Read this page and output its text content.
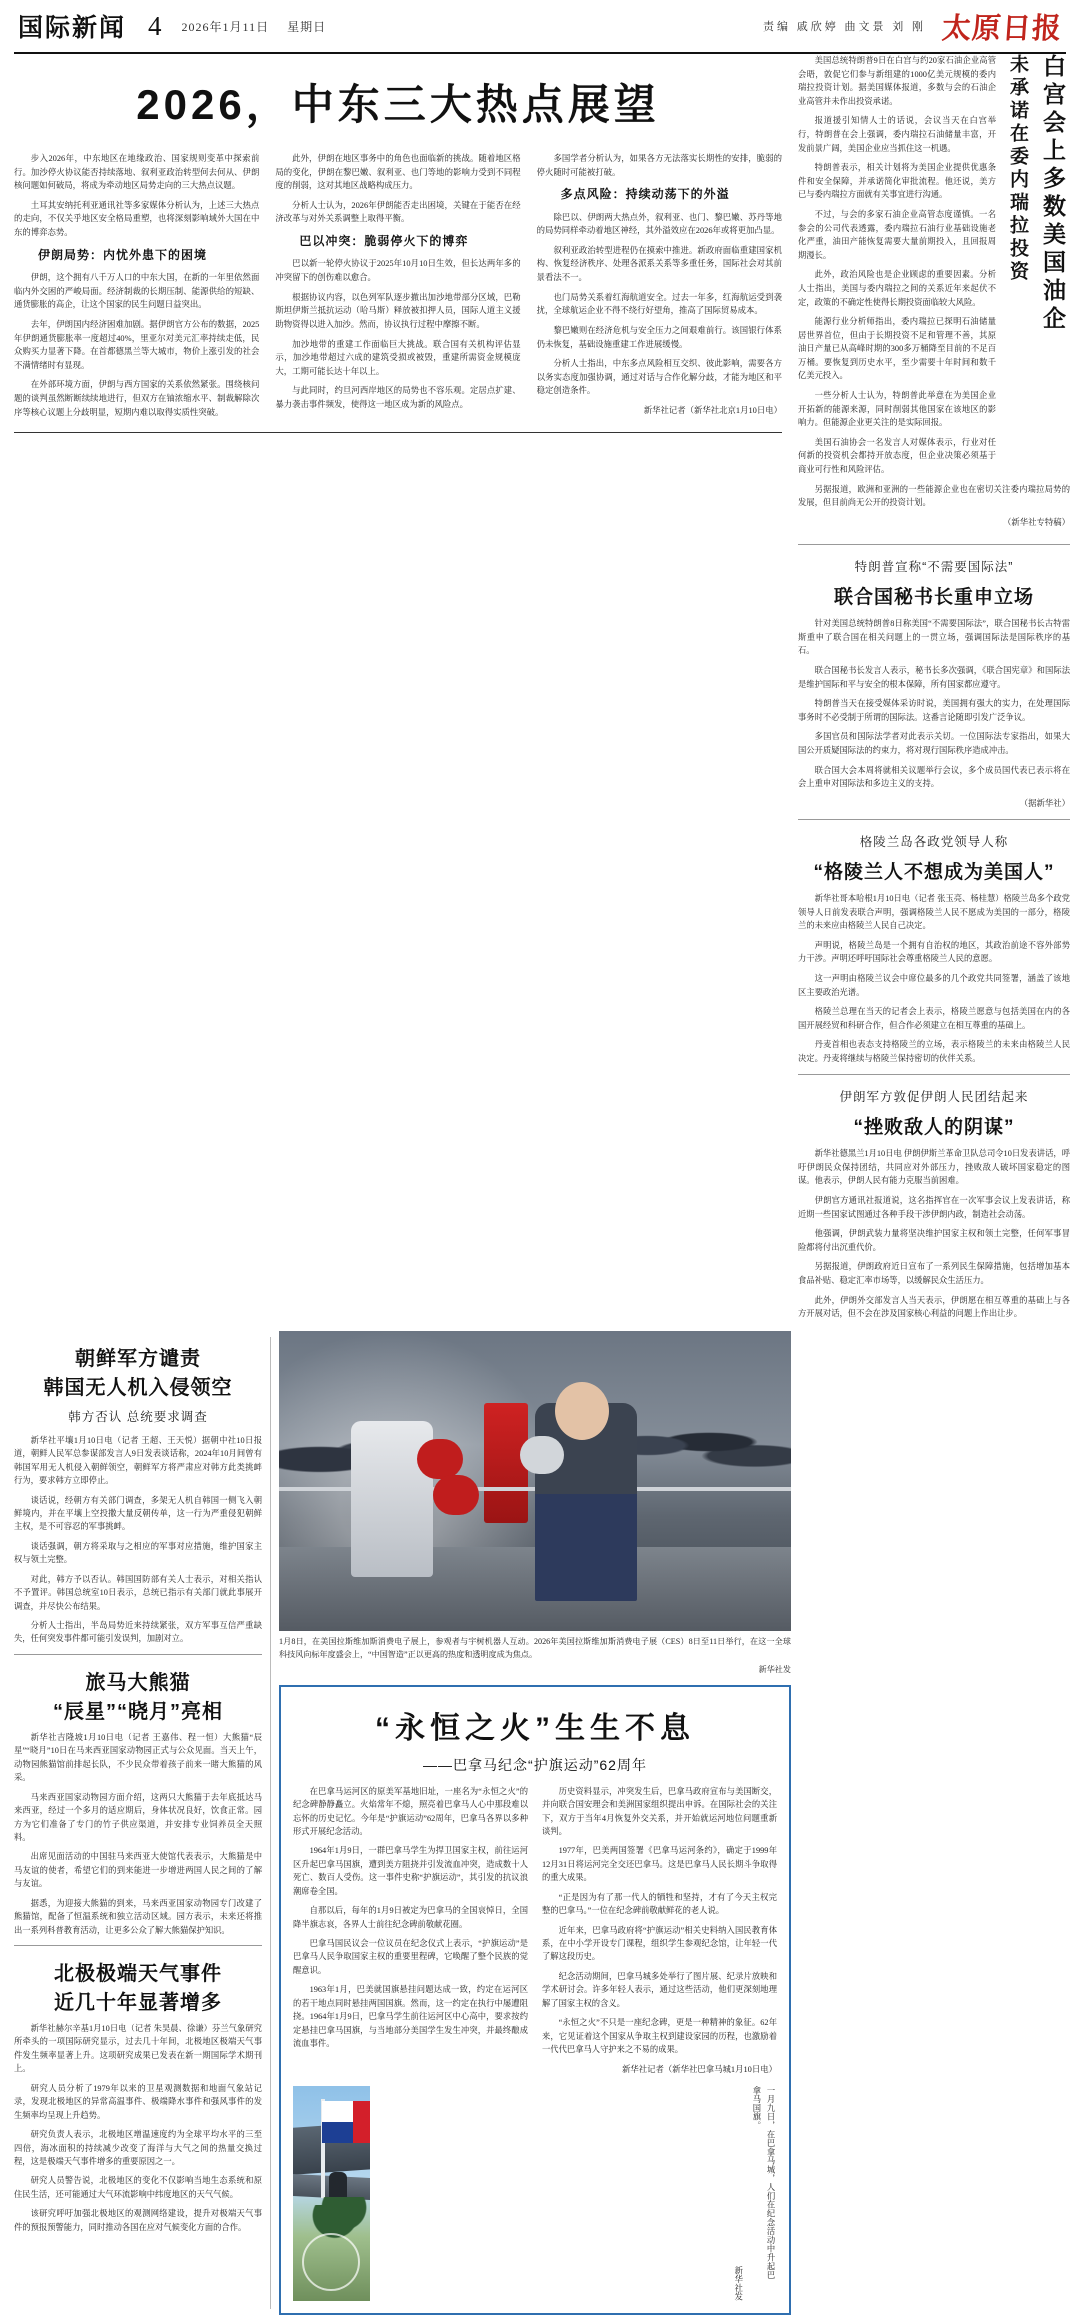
国际新闻 4 2026年1月11日 星期日	责编 戚欣婷 曲文景 刘 刚 太原日报
2026，中东三大热点展望

步入2026年，中东地区在地缘政治、国家规则变革中探索前行。加沙停火协议能否持续落地、叙利亚政治转型何去何从、伊朗核问题如何破局，将成为牵动地区局势走向的三大热点议题。

土耳其安纳托利亚通讯社等多家媒体分析认为，上述三大热点的走向，不仅关乎地区安全格局重塑，也将深刻影响域外大国在中东的博弈态势。

伊朗局势：内忧外患下的困境

伊朗，这个拥有八千万人口的中东大国，在新的一年里依然面临内外交困的严峻局面。经济制裁的长期压制、能源供给的短缺、通货膨胀的高企，让这个国家的民生问题日益突出。

去年，伊朗国内经济困难加剧。据伊朗官方公布的数据，2025年伊朗通货膨胀率一度超过40%，里亚尔对美元汇率持续走低，民众购买力显著下降。在首都德黑兰等大城市，物价上涨引发的社会不满情绪时有显现。

在外部环境方面，伊朗与西方国家的关系依然紧张。围绕核问题的谈判虽然断断续续地进行，但双方在铀浓缩水平、制裁解除次序等核心议题上分歧明显，短期内难以取得实质性突破。

此外，伊朗在地区事务中的角色也面临新的挑战。随着地区格局的变化，伊朗在黎巴嫩、叙利亚、也门等地的影响力受到不同程度的削弱，这对其地区战略构成压力。

分析人士认为，2026年伊朗能否走出困境，关键在于能否在经济改革与对外关系调整上取得平衡。

巴以冲突：脆弱停火下的博弈

巴以新一轮停火协议于2025年10月10日生效，但长达两年多的冲突留下的创伤难以愈合。

根据协议内容，以色列军队逐步撤出加沙地带部分区域，巴勒斯坦伊斯兰抵抗运动（哈马斯）释放被扣押人员，国际人道主义援助物资得以进入加沙。然而，协议执行过程中摩擦不断。

加沙地带的重建工作面临巨大挑战。联合国有关机构评估显示，加沙地带超过六成的建筑受损或被毁，重建所需资金规模庞大，工期可能长达十年以上。

与此同时，约旦河西岸地区的局势也不容乐观。定居点扩建、暴力袭击事件频发，使得这一地区成为新的风险点。

多国学者分析认为，如果各方无法落实长期性的安排，脆弱的停火随时可能被打破。

多点风险：持续动荡下的外溢

除巴以、伊朗两大热点外，叙利亚、也门、黎巴嫩、苏丹等地的局势同样牵动着地区神经，其外溢效应在2026年或将更加凸显。

叙利亚政治转型进程仍在摸索中推进。新政府面临重建国家机构、恢复经济秩序、处理各派系关系等多重任务，国际社会对其前景看法不一。

也门局势关系着红海航道安全。过去一年多，红海航运受到袭扰，全球航运企业不得不绕行好望角，推高了国际贸易成本。

黎巴嫩则在经济危机与安全压力之间艰难前行。该国银行体系仍未恢复，基础设施重建工作进展缓慢。

分析人士指出，中东多点风险相互交织、彼此影响，需要各方以务实态度加强协调，通过对话与合作化解分歧，才能为地区和平稳定创造条件。

新华社记者（新华社北京1月10日电）

白宫会上多数美国油企
未承诺在委内瑞拉投资

美国总统特朗普9日在白宫与约20家石油企业高管会晤，敦促它们参与新组建的1000亿美元规模的委内瑞拉投资计划。据美国媒体报道，多数与会的石油企业高管并未作出投资承诺。

报道援引知情人士的话说，会议当天在白宫举行，特朗普在会上强调，委内瑞拉石油储量丰富，开发前景广阔，美国企业应当抓住这一机遇。

特朗普表示，相关计划将为美国企业提供优惠条件和安全保障，并承诺简化审批流程。他还说，美方已与委内瑞拉方面就有关事宜进行沟通。

不过，与会的多家石油企业高管态度谨慎。一名参会的公司代表透露，委内瑞拉石油行业基础设施老化严重，油田产能恢复需要大量前期投入，且回报周期漫长。

此外，政治风险也是企业顾虑的重要因素。分析人士指出，美国与委内瑞拉之间的关系近年来起伏不定，政策的不确定性使得长期投资面临较大风险。

能源行业分析师指出，委内瑞拉已探明石油储量居世界首位，但由于长期投资不足和管理不善，其原油日产量已从高峰时期的300多万桶降至目前的不足百万桶。要恢复到历史水平，至少需要十年时间和数千亿美元投入。

一些分析人士认为，特朗普此举意在为美国企业开拓新的能源来源，同时削弱其他国家在该地区的影响力。但能源企业更关注的是实际回报。

美国石油协会一名发言人对媒体表示，行业对任何新的投资机会都持开放态度，但企业决策必须基于商业可行性和风险评估。

另据报道，欧洲和亚洲的一些能源企业也在密切关注委内瑞拉局势的发展，但目前尚无公开的投资计划。

（新华社专特稿）

特朗普宣称“不需要国际法”
联合国秘书长重申立场

针对美国总统特朗普8日称美国“不需要国际法”，联合国秘书长古特雷斯重申了联合国在相关问题上的一贯立场，强调国际法是国际秩序的基石。

联合国秘书长发言人表示，秘书长多次强调，《联合国宪章》和国际法是维护国际和平与安全的根本保障，所有国家都应遵守。

特朗普当天在接受媒体采访时说，美国拥有强大的实力，在处理国际事务时不必受制于所谓的国际法。这番言论随即引发广泛争议。

多国官员和国际法学者对此表示关切。一位国际法专家指出，如果大国公开质疑国际法的约束力，将对现行国际秩序造成冲击。

联合国大会本周将就相关议题举行会议，多个成员国代表已表示将在会上重申对国际法和多边主义的支持。

（据新华社）

格陵兰岛各政党领导人称
“格陵兰人不想成为美国人”

新华社哥本哈根1月10日电（记者 张玉亮、杨桂慧）格陵兰岛多个政党领导人日前发表联合声明，强调格陵兰人民不愿成为美国的一部分，格陵兰的未来应由格陵兰人民自己决定。

声明说，格陵兰岛是一个拥有自治权的地区，其政治前途不容外部势力干涉。声明还呼吁国际社会尊重格陵兰人民的意愿。

这一声明由格陵兰议会中席位最多的几个政党共同签署，涵盖了该地区主要政治光谱。

格陵兰总理在当天的记者会上表示，格陵兰愿意与包括美国在内的各国开展经贸和科研合作，但合作必须建立在相互尊重的基础上。

丹麦首相也表态支持格陵兰的立场，表示格陵兰的未来由格陵兰人民决定。丹麦将继续与格陵兰保持密切的伙伴关系。

伊朗军方敦促伊朗人民团结起来
“挫败敌人的阴谋”

新华社德黑兰1月10日电 伊朗伊斯兰革命卫队总司令10日发表讲话，呼吁伊朗民众保持团结，共同应对外部压力，挫败敌人破坏国家稳定的图谋。他表示，伊朗人民有能力克服当前困难。

伊朗官方通讯社报道说，这名指挥官在一次军事会议上发表讲话，称近期一些国家试图通过各种手段干涉伊朗内政，制造社会动荡。

他强调，伊朗武装力量将坚决维护国家主权和领土完整，任何军事冒险都将付出沉重代价。

另据报道，伊朗政府近日宣布了一系列民生保障措施，包括增加基本食品补贴、稳定汇率市场等，以缓解民众生活压力。

此外，伊朗外交部发言人当天表示，伊朗愿在相互尊重的基础上与各方开展对话，但不会在涉及国家核心利益的问题上作出让步。

朝鲜军方谴责
韩国无人机入侵领空
韩方否认 总统要求调查

新华社平壤1月10日电（记者 王超、王天悦）据朝中社10日报道，朝鲜人民军总参谋部发言人9日发表谈话称，2024年10月间曾有韩国军用无人机侵入朝鲜领空，朝鲜军方将严肃应对韩方此类挑衅行为，要求韩方立即停止。

谈话说，经朝方有关部门调查，多架无人机自韩国一侧飞入朝鲜境内，并在平壤上空投撒大量反朝传单，这一行为严重侵犯朝鲜主权，是不可容忍的军事挑衅。

谈话强调，朝方将采取与之相应的军事对应措施，维护国家主权与领土完整。

对此，韩方予以否认。韩国国防部有关人士表示，对相关指认不予置评。韩国总统室10日表示，总统已指示有关部门就此事展开调查，并尽快公布结果。

分析人士指出，半岛局势近来持续紧张，双方军事互信严重缺失，任何突发事件都可能引发误判，加剧对立。

旅马大熊猫
“辰星”“晓月”亮相

新华社吉隆坡1月10日电（记者 王嘉伟、程一恒）大熊猫“辰星”“晓月”10日在马来西亚国家动物园正式与公众见面。当天上午，动物园熊猫馆前排起长队，不少民众带着孩子前来一睹大熊猫的风采。

马来西亚国家动物园方面介绍，这两只大熊猫于去年底抵达马来西亚，经过一个多月的适应期后，身体状况良好，饮食正常。园方为它们准备了专门的竹子供应渠道，并安排专业饲养员全天照料。

出席见面活动的中国驻马来西亚大使馆代表表示，大熊猫是中马友谊的使者，希望它们的到来能进一步增进两国人民之间的了解与友谊。

据悉，为迎接大熊猫的到来，马来西亚国家动物园专门改建了熊猫馆，配备了恒温系统和独立活动区域。园方表示，未来还将推出一系列科普教育活动，让更多公众了解大熊猫保护知识。

北极极端天气事件
近几十年显著增多

新华社赫尔辛基1月10日电（记者 朱昊晨、徐谦）芬兰气象研究所牵头的一项国际研究显示，过去几十年间，北极地区极端天气事件发生频率显著上升。这项研究成果已发表在新一期国际学术期刊上。

研究人员分析了1979年以来的卫星观测数据和地面气象站记录，发现北极地区的异常高温事件、极端降水事件和强风事件的发生频率均呈现上升趋势。

研究负责人表示，北极地区增温速度约为全球平均水平的三至四倍，海冰面积的持续减少改变了海洋与大气之间的热量交换过程，这是极端天气事件增多的重要原因之一。

研究人员警告说，北极地区的变化不仅影响当地生态系统和原住民生活，还可能通过大气环流影响中纬度地区的天气气候。

该研究呼吁加强北极地区的观测网络建设，提升对极端天气事件的预报预警能力，同时推动各国在应对气候变化方面的合作。

1月8日，在美国拉斯维加斯消费电子展上，参观者与宇树机器人互动。2026年美国拉斯维加斯消费电子展（CES）8日至11日举行，在这一全球科技风向标年度盛会上，“中国智造”正以更高的热度和透明度成为焦点。
新华社发
“永恒之火”生生不息
——巴拿马纪念“护旗运动”62周年

在巴拿马运河区的原美军基地旧址，一座名为“永恒之火”的纪念碑静静矗立。火焰常年不熄，照亮着巴拿马人心中那段难以忘怀的历史记忆。今年是“护旗运动”62周年，巴拿马各界以多种形式开展纪念活动。

1964年1月9日，一群巴拿马学生为捍卫国家主权，前往运河区升起巴拿马国旗，遭到美方阻挠并引发流血冲突，造成数十人死亡、数百人受伤。这一事件史称“护旗运动”，其引发的抗议浪潮席卷全国。

自那以后，每年的1月9日被定为巴拿马的全国哀悼日，全国降半旗志哀，各界人士前往纪念碑前敬献花圈。

巴拿马国民议会一位议员在纪念仪式上表示，“护旗运动”是巴拿马人民争取国家主权的重要里程碑，它唤醒了整个民族的觉醒意识。

1963年1月，巴美就国旗悬挂问题达成一致，约定在运河区的若干地点同时悬挂两国国旗。然而，这一约定在执行中屡遭阻挠。1964年1月9日，巴拿马学生前往运河区中心高中，要求按约定悬挂巴拿马国旗，与当地部分美国学生发生冲突，并最终酿成流血事件。

历史资料显示，冲突发生后，巴拿马政府宣布与美国断交，并向联合国安理会和美洲国家组织提出申诉。在国际社会的关注下，双方于当年4月恢复外交关系，并开始就运河地位问题重新谈判。

1977年，巴美两国签署《巴拿马运河条约》，确定于1999年12月31日将运河完全交还巴拿马。这是巴拿马人民长期斗争取得的重大成果。

“正是因为有了那一代人的牺牲和坚持，才有了今天主权完整的巴拿马。”一位在纪念碑前敬献鲜花的老人说。

近年来，巴拿马政府将“护旗运动”相关史料纳入国民教育体系，在中小学开设专门课程，组织学生参观纪念馆，让年轻一代了解这段历史。

纪念活动期间，巴拿马城多处举行了图片展、纪录片放映和学术研讨会。许多年轻人表示，通过这些活动，他们更深刻地理解了国家主权的含义。

“永恒之火”不只是一座纪念碑，更是一种精神的象征。62年来，它见证着这个国家从争取主权到建设家园的历程，也激励着一代代巴拿马人守护来之不易的成果。

新华社记者（新华社巴拿马城1月10日电）

一月九日，在巴拿马城，人们在纪念活动中升起巴拿马国旗。
新华社发
